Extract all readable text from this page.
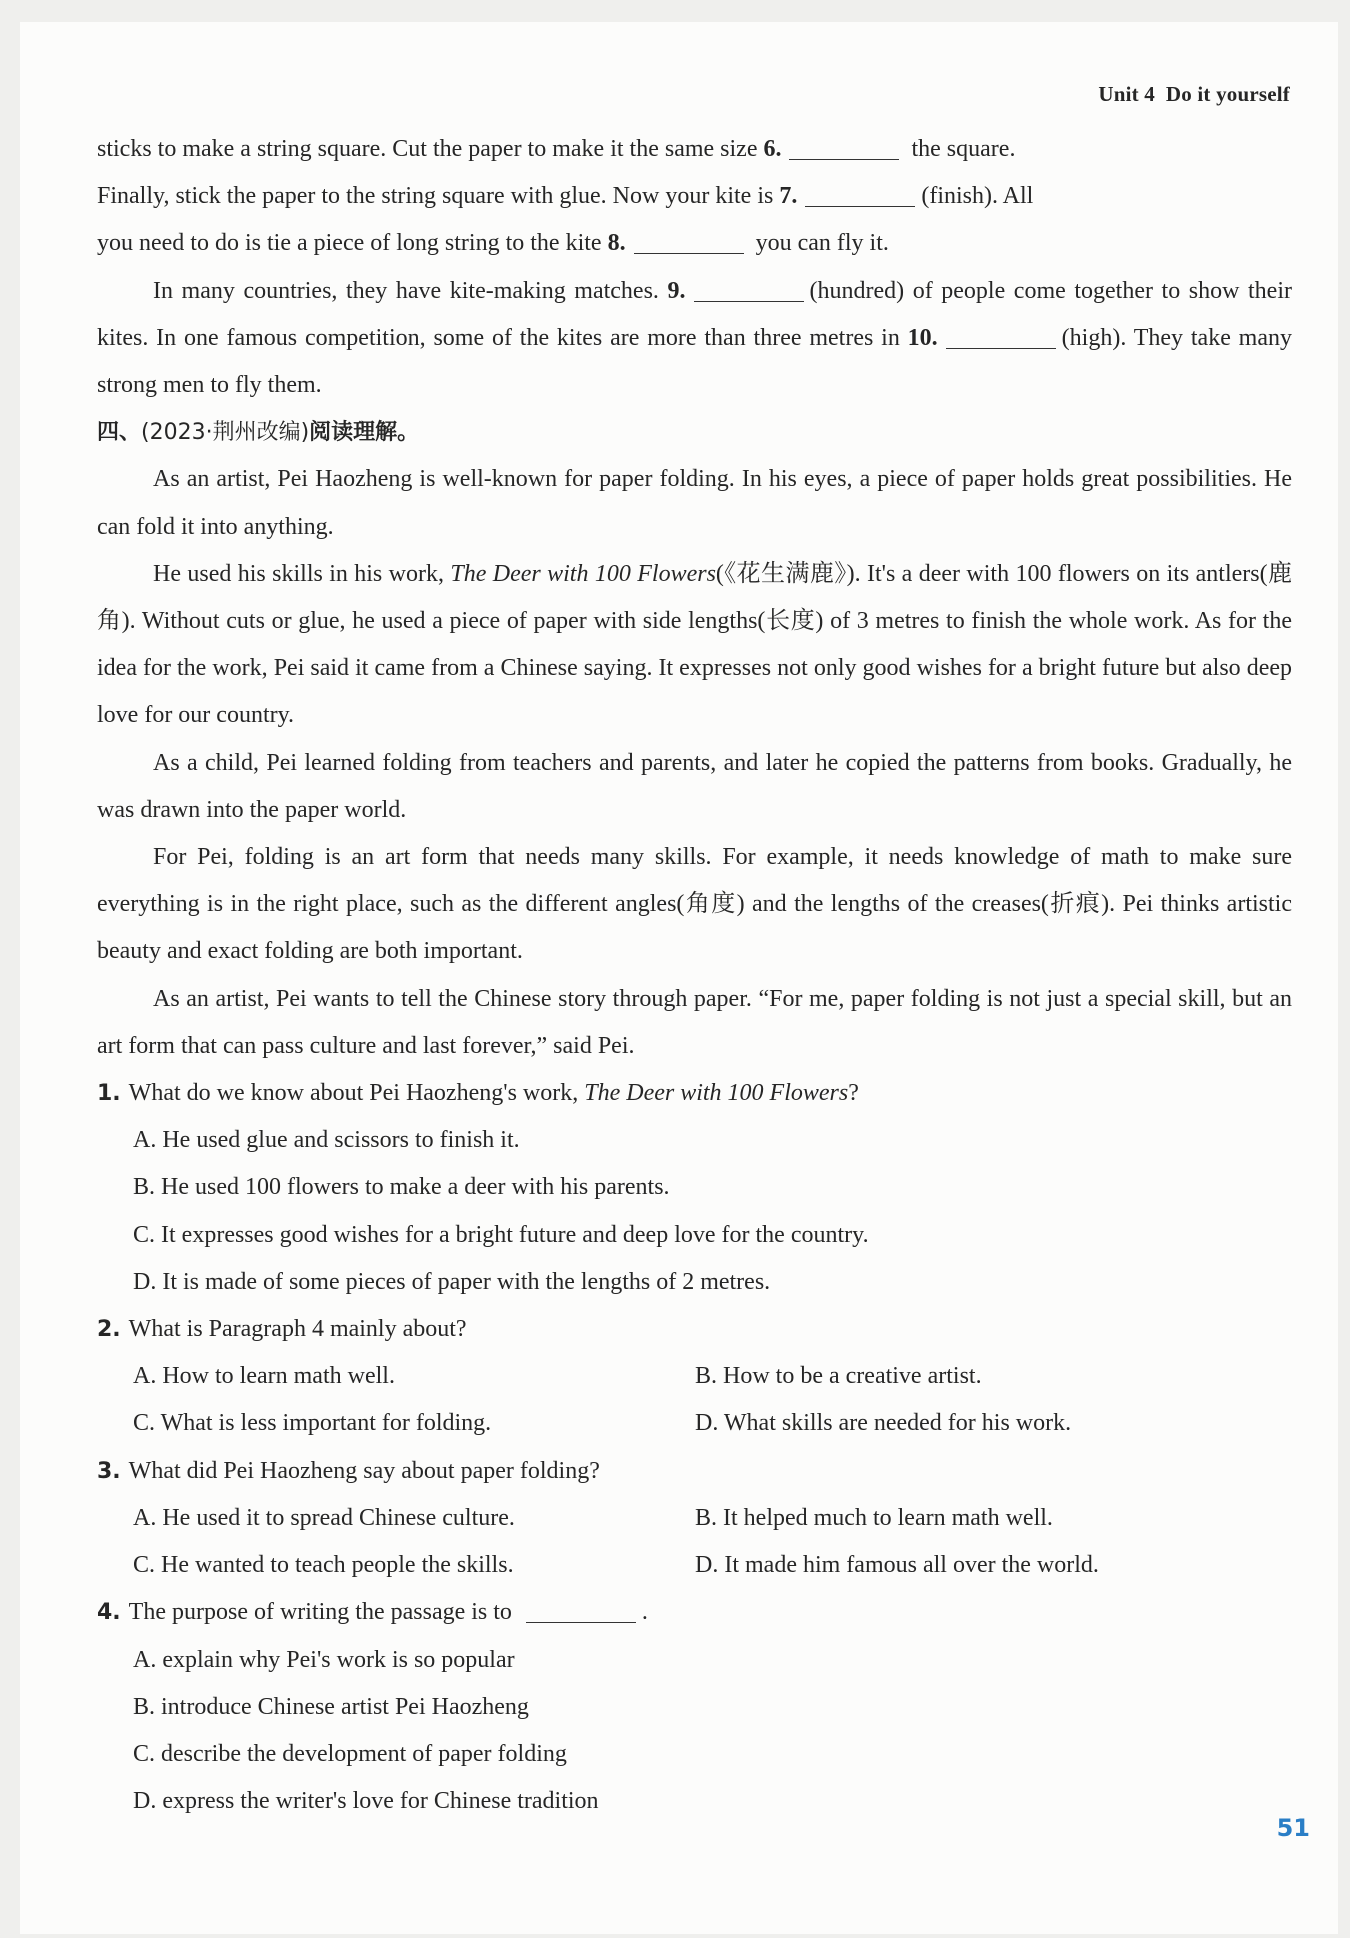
Unit 4 Do it yourself

sticks to make a string square. Cut the paper to make it the same size 6.	the square.

Finally, stick the paper to the string square with glue. Now your kite is 7.	(finish). All

you need to do is tie a piece of long string to the kite 8.	you can fly it.

In many countries, they have kite-making matches. 9.	(hundred) of people come together to show their kites. In one famous competition, some of the kites are more than three metres in 10.	(high). They take many strong men to fly them.

四、(2023·荆州改编)阅读理解。

As an artist, Pei Haozheng is well-known for paper folding. In his eyes, a piece of paper holds great possibilities. He can fold it into anything.

He used his skills in his work, The Deer with 100 Flowers(《花生满鹿》). It's a deer with 100 flowers on its antlers(鹿角). Without cuts or glue, he used a piece of paper with side lengths(长度) of 3 metres to finish the whole work. As for the idea for the work, Pei said it came from a Chinese saying. It expresses not only good wishes for a bright future but also deep love for our country.

As a child, Pei learned folding from teachers and parents, and later he copied the patterns from books. Gradually, he was drawn into the paper world.

For Pei, folding is an art form that needs many skills. For example, it needs knowledge of math to make sure everything is in the right place, such as the different angles(角度) and the lengths of the creases(折痕). Pei thinks artistic beauty and exact folding are both important.

As an artist, Pei wants to tell the Chinese story through paper. “For me, paper folding is not just a special skill, but an art form that can pass culture and last forever,” said Pei.

1. What do we know about Pei Haozheng's work, The Deer with 100 Flowers?

A. He used glue and scissors to finish it.

B. He used 100 flowers to make a deer with his parents.

C. It expresses good wishes for a bright future and deep love for the country.

D. It is made of some pieces of paper with the lengths of 2 metres.

2. What is Paragraph 4 mainly about?

A. How to learn math well.	B. How to be a creative artist.

C. What is less important for folding.	D. What skills are needed for his work.

3. What did Pei Haozheng say about paper folding?

A. He used it to spread Chinese culture.	B. It helped much to learn math well.

C. He wanted to teach people the skills.	D. It made him famous all over the world.

4. The purpose of writing the passage is to	.

A. explain why Pei's work is so popular

B. introduce Chinese artist Pei Haozheng

C. describe the development of paper folding

D. express the writer's love for Chinese tradition

51
